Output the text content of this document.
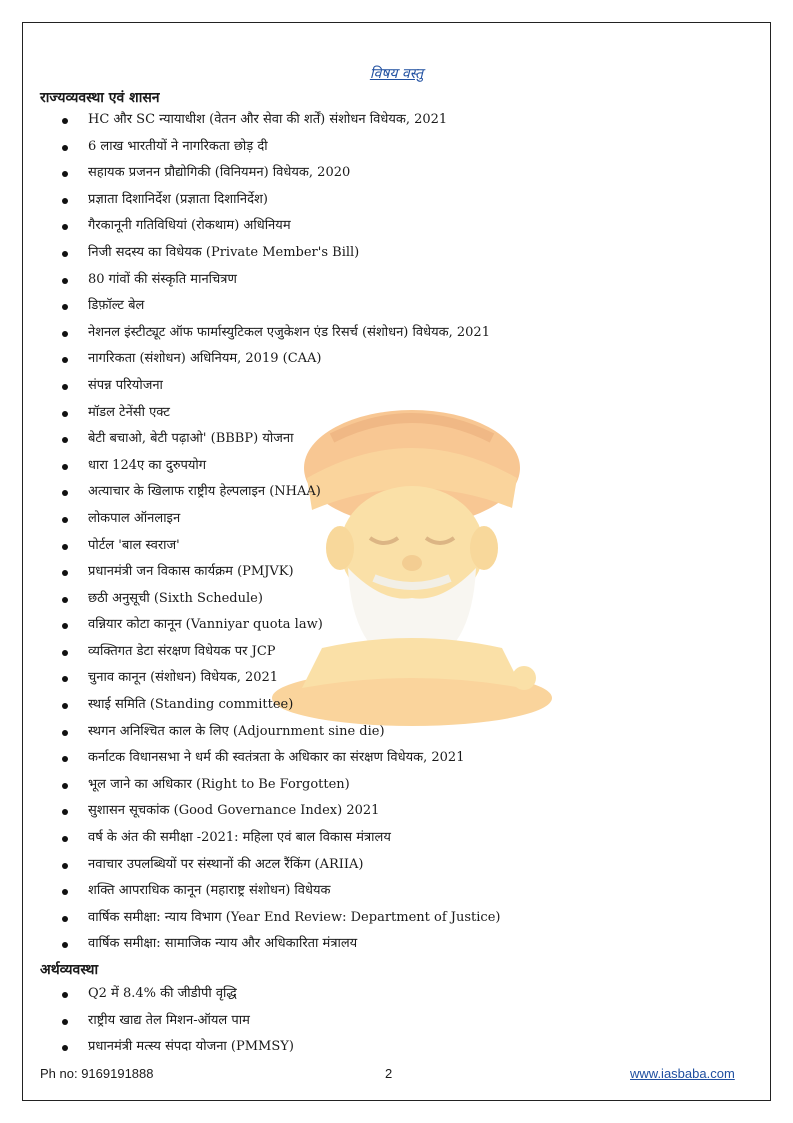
विषय वस्तु
राज्यव्यवस्था एवं शासन
HC और SC न्यायाधीश (वेतन और सेवा की शर्तें) संशोधन विधेयक, 2021
6 लाख भारतीयों ने नागरिकता छोड़ दी
सहायक प्रजनन प्रौद्योगिकी (विनियमन) विधेयक, 2020
प्रज्ञाता दिशानिर्देश (प्रज्ञाता दिशानिर्देश)
गैरकानूनी गतिविधियां (रोकथाम) अधिनियम
निजी सदस्य का विधेयक (Private Member's Bill)
80 गांवों की संस्कृति मानचित्रण
डिफ़ॉल्ट बेल
नेशनल इंस्टीट्यूट ऑफ फार्मास्युटिकल एजुकेशन एंड रिसर्च (संशोधन) विधेयक, 2021
नागरिकता (संशोधन) अधिनियम, 2019 (CAA)
संपन्न परियोजना
मॉडल टेनेंसी एक्ट
बेटी बचाओ, बेटी पढ़ाओ' (BBBP) योजना
धारा 124ए का दुरुपयोग
अत्याचार के खिलाफ राष्ट्रीय हेल्पलाइन (NHAA)
लोकपाल ऑनलाइन
पोर्टल 'बाल स्वराज'
प्रधानमंत्री जन विकास कार्यक्रम (PMJVK)
छठी अनुसूची (Sixth Schedule)
वन्नियार कोटा कानून (Vanniyar quota law)
व्यक्तिगत डेटा संरक्षण विधेयक पर JCP
चुनाव कानून (संशोधन) विधेयक, 2021
स्थाई समिति (Standing committee)
स्थगन अनिश्चित काल के लिए (Adjournment sine die)
कर्नाटक विधानसभा ने धर्म की स्वतंत्रता के अधिकार का संरक्षण विधेयक, 2021
भूल जाने का अधिकार (Right to Be Forgotten)
सुशासन सूचकांक (Good Governance Index) 2021
वर्ष के अंत की समीक्षा -2021: महिला एवं बाल विकास मंत्रालय
नवाचार उपलब्धियों पर संस्थानों की अटल रैंकिंग (ARIIA)
शक्ति आपराधिक कानून (महाराष्ट्र संशोधन) विधेयक
वार्षिक समीक्षा: न्याय विभाग (Year End Review: Department of Justice)
वार्षिक समीक्षा: सामाजिक न्याय और अधिकारिता मंत्रालय
अर्थव्यवस्था
Q2 में 8.4% की जीडीपी वृद्धि
राष्ट्रीय खाद्य तेल मिशन-ऑयल पाम
प्रधानमंत्री मत्स्य संपदा योजना (PMMSY)
Ph no: 9169191888	2	www.iasbaba.com
